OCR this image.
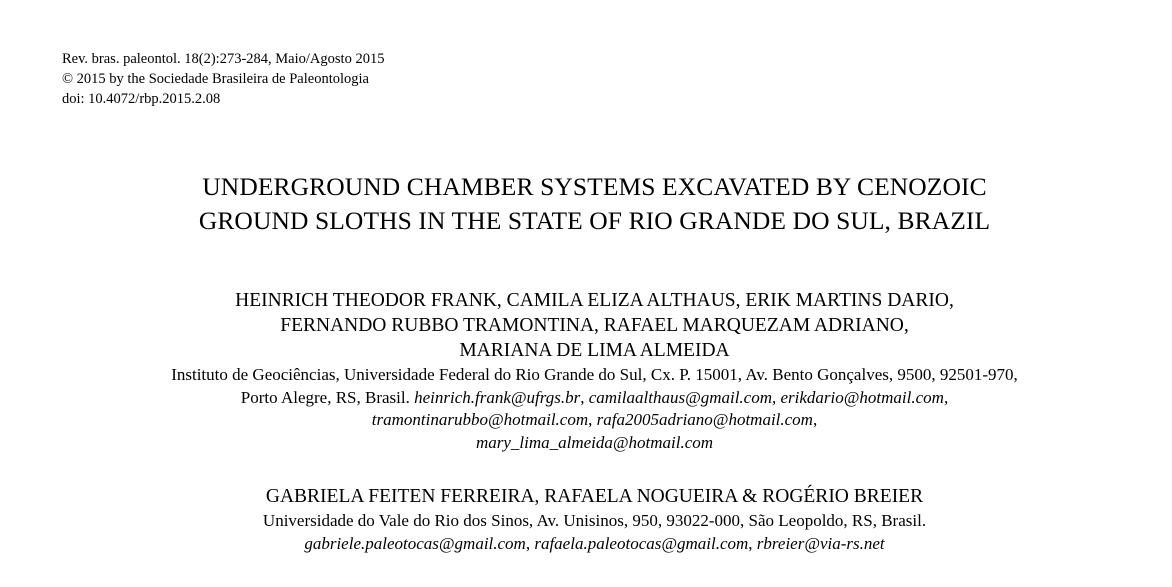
Rev. bras. paleontol. 18(2):273-284, Maio/Agosto 2015
© 2015 by the Sociedade Brasileira de Paleontologia
doi: 10.4072/rbp.2015.2.08
UNDERGROUND CHAMBER SYSTEMS EXCAVATED BY CENOZOIC
GROUND SLOTHS IN THE STATE OF RIO GRANDE DO SUL, BRAZIL
HEINRICH THEODOR FRANK, CAMILA ELIZA ALTHAUS, ERIK MARTINS DARIO,
FERNANDO RUBBO TRAMONTINA, RAFAEL MARQUEZAM ADRIANO,
MARIANA DE LIMA ALMEIDA
Instituto de Geociências, Universidade Federal do Rio Grande do Sul, Cx. P. 15001, Av. Bento Gonçalves, 9500, 92501-970,
Porto Alegre, RS, Brasil. heinrich.frank@ufrgs.br, camilaalthaus@gmail.com, erikdario@hotmail.com,
tramontinarubbo@hotmail.com, rafa2005adriano@hotmail.com,
mary_lima_almeida@hotmail.com
GABRIELA FEITEN FERREIRA, RAFAELA NOGUEIRA & ROGÉRIO BREIER
Universidade do Vale do Rio dos Sinos, Av. Unisinos, 950, 93022-000, São Leopoldo, RS, Brasil.
gabriele.paleotocas@gmail.com, rafaela.paleotocas@gmail.com, rbreier@via-rs.net
